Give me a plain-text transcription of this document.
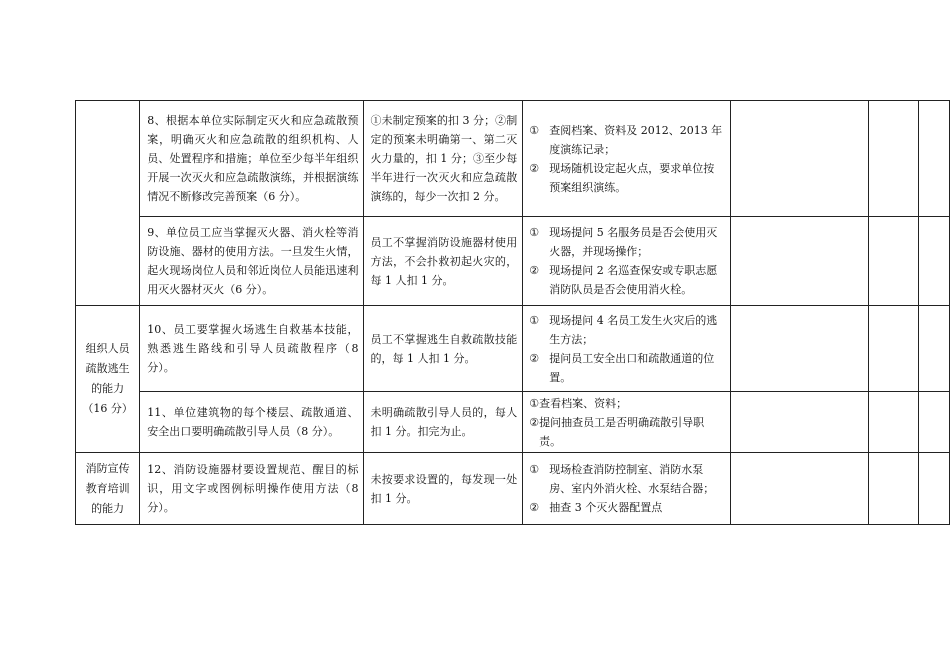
	8、根据本单位实际制定灭火和应急疏散预案，明确灭火和应急疏散的组织机构、人员、处置程序和措施；单位至少每半年组织开展一次灭火和应急疏散演练，并根据演练情况不断修改完善预案（6 分）。	①未制定预案的扣 3 分；②制定的预案未明确第一、第二灭火力量的，扣 1 分；③至少每半年进行一次灭火和应急疏散演练的，每少一次扣 2 分。	① 查阅档案、资料及 2012、2013 年度演练记录；
② 现场随机设定起火点，要求单位按预案组织演练。			

	9、单位员工应当掌握灭火器、消火栓等消防设施、器材的使用方法。一旦发生火情，起火现场岗位人员和邻近岗位人员能迅速利用灭火器材灭火（6 分）。	员工不掌握消防设施器材使用方法，不会扑救初起火灾的，每 1 人扣 1 分。	① 现场提问 5 名服务员是否会使用灭火器，并现场操作；
② 现场提问 2 名巡查保安或专职志愿消防队员是否会使用消火栓。			

组织人员疏散逃生的能力（16 分）	10、员工要掌握火场逃生自救基本技能，熟悉逃生路线和引导人员疏散程序（8 分）。	员工不掌握逃生自救疏散技能的，每 1 人扣 1 分。	① 现场提问 4 名员工发生火灾后的逃生方法；
② 提问员工安全出口和疏散通道的位置。			

	11、单位建筑物的每个楼层、疏散通道、安全出口要明确疏散引导人员（8 分）。	未明确疏散引导人员的，每人扣 1 分。扣完为止。	① 查看档案、资料；
② 提问抽查员工是否明确疏散引导职责。			

消防宣传教育培训的能力	12、消防设施器材要设置规范、醒目的标识，用文字或图例标明操作使用方法（8 分）。	未按要求设置的，每发现一处扣 1 分。	① 现场检查消防控制室、消防水泵房、室内外消火栓、水泵结合器；
② 抽查 3 个灭火器配置点			
